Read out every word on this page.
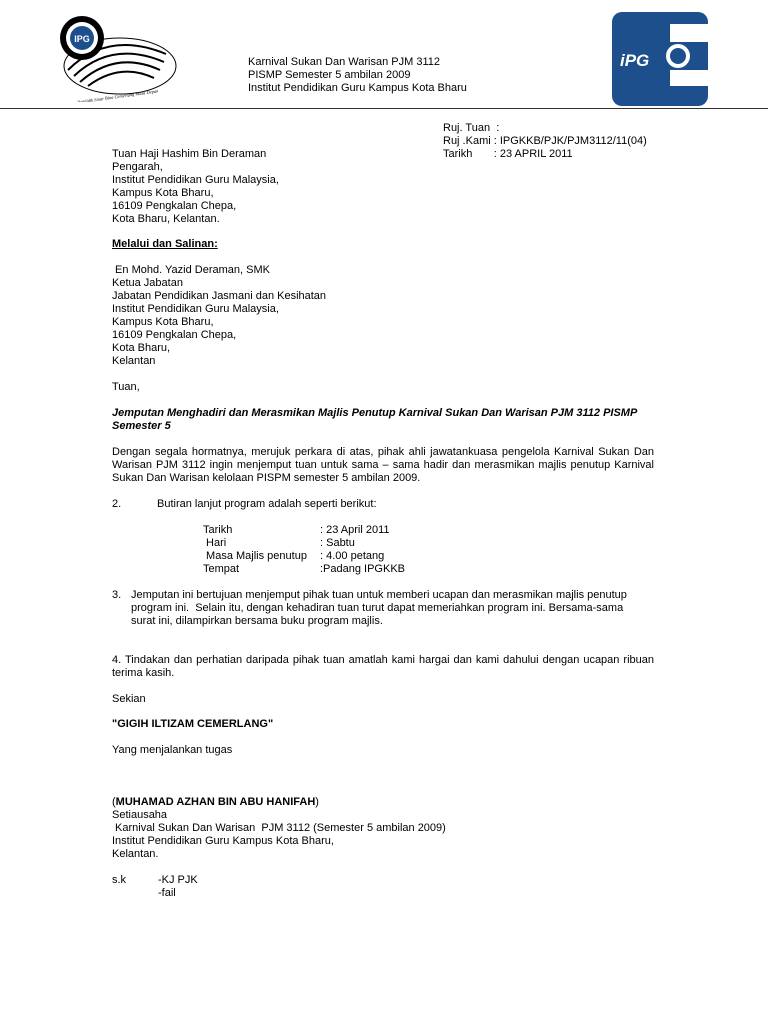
IPG
Pendidik Sinar Bina Cemerlang Masa Depan
Karnival Sukan Dan Warisan PJM 3112
PISMP Semester 5 ambilan 2009
Institut Pendidikan Guru Kampus Kota Bharu
iPG
Ruj. Tuan  :
Ruj .Kami : IPGKKB/PJK/PJM3112/11(04)
Tarikh       : 23 APRIL 2011
Tuan Haji Hashim Bin Deraman
Pengarah,
Institut Pendidikan Guru Malaysia,
Kampus Kota Bharu,
16109 Pengkalan Chepa,
Kota Bharu, Kelantan.
Melalui dan Salinan:
En Mohd. Yazid Deraman, SMK
Ketua Jabatan
Jabatan Pendidikan Jasmani dan Kesihatan
Institut Pendidikan Guru Malaysia,
Kampus Kota Bharu,
16109 Pengkalan Chepa,
Kota Bharu,
Kelantan
Tuan,
Jemputan Menghadiri dan Merasmikan Majlis Penutup Karnival Sukan Dan Warisan PJM 3112 PISMP Semester 5
Dengan segala hormatnya, merujuk perkara di atas, pihak ahli jawatankuasa pengelola Karnival Sukan Dan Warisan PJM 3112 ingin menjemput tuan untuk sama – sama hadir dan merasmikan majlis penutup Karnival Sukan Dan Warisan kelolaan PISPM semester 5 ambilan 2009.
2.	Butiran lanjut program adalah seperti berikut:
Tarikh	: 23 April 2011
Hari	: Sabtu
Masa Majlis penutup	: 4.00 petang
Tempat	:Padang IPGKKB
3. Jemputan ini bertujuan menjemput pihak tuan untuk memberi ucapan dan merasmikan majlis penutup
program ini.  Selain itu, dengan kehadiran tuan turut dapat memeriahkan program ini. Bersama-sama
surat ini, dilampirkan bersama buku program majlis.
4. Tindakan dan perhatian daripada pihak tuan amatlah kami hargai dan kami dahului dengan ucapan ribuan terima kasih.
Sekian
"GIGIH ILTIZAM CEMERLANG"
Yang menjalankan tugas
(MUHAMAD AZHAN BIN ABU HANIFAH)
Setiausaha
Karnival Sukan Dan Warisan  PJM 3112 (Semester 5 ambilan 2009)
Institut Pendidikan Guru Kampus Kota Bharu,
Kelantan.
s.k	-KJ PJK
-fail
